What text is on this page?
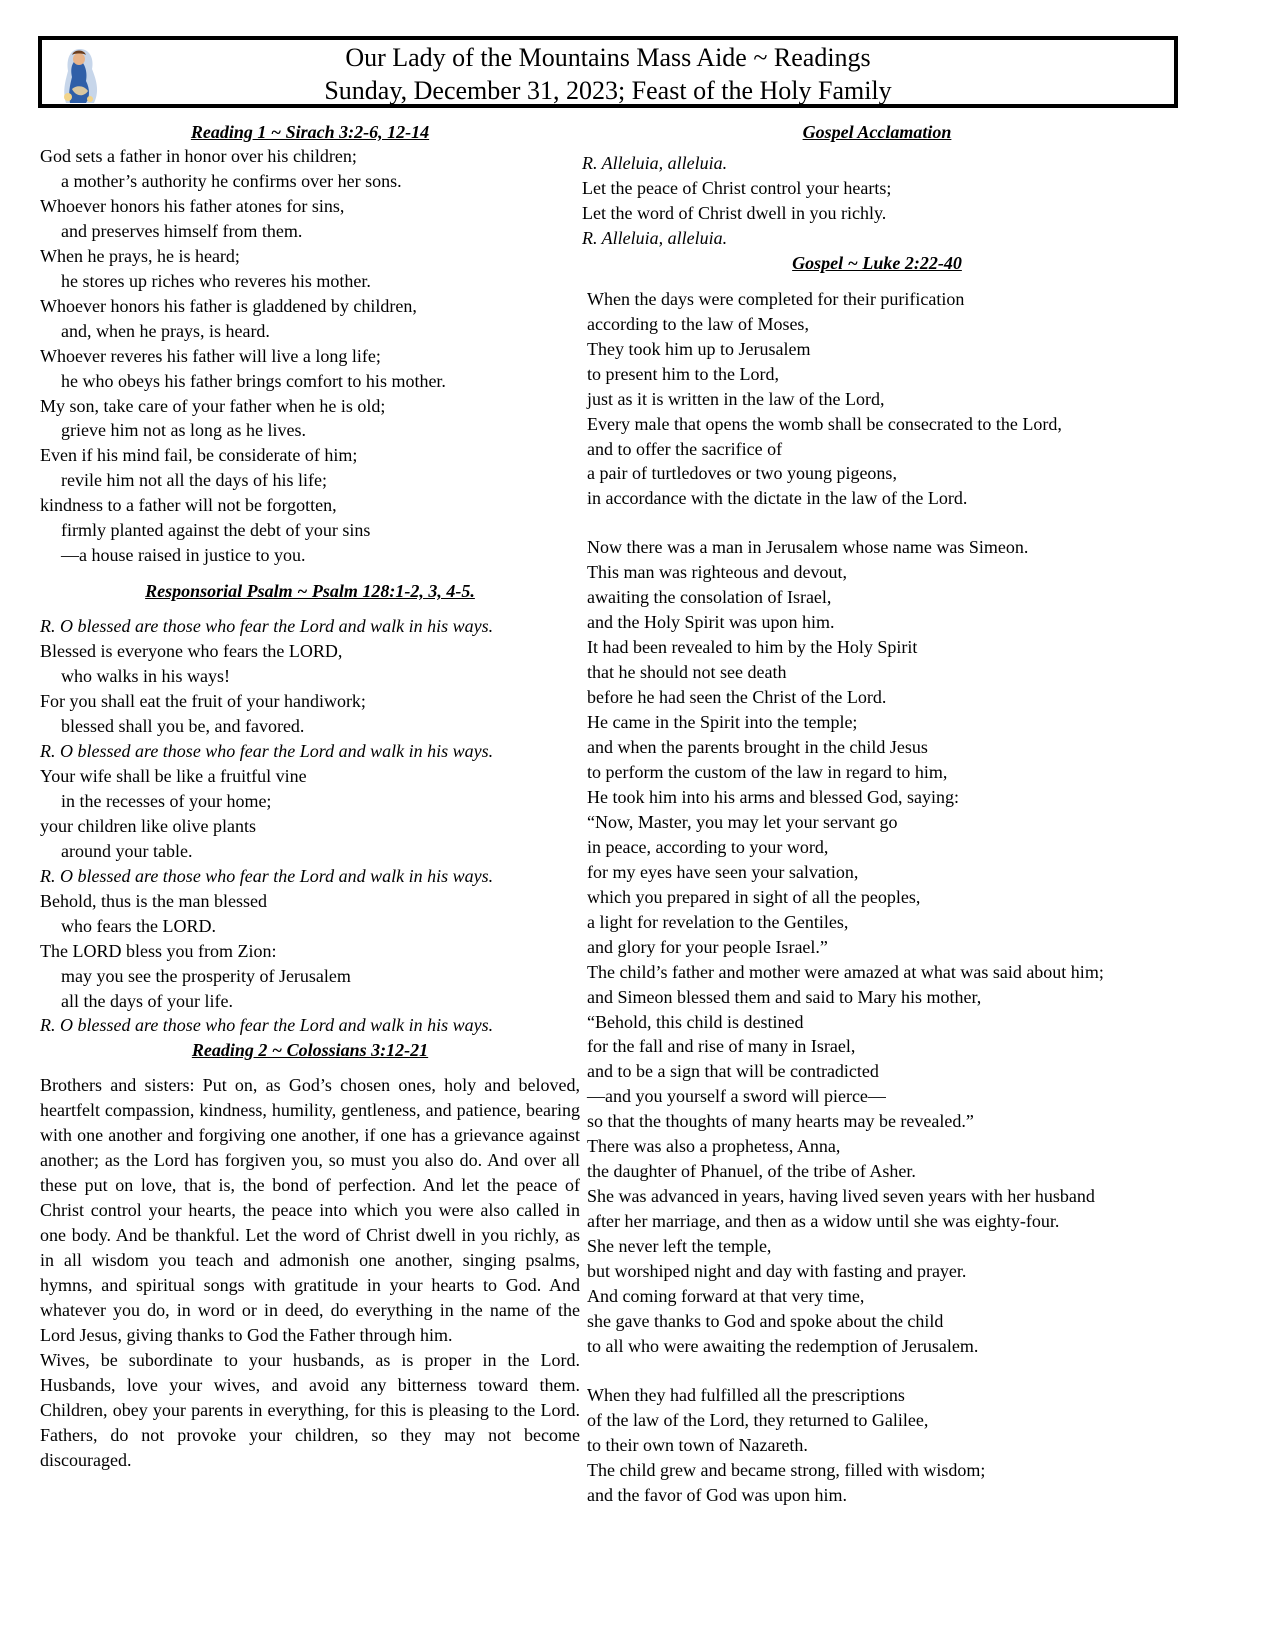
Our Lady of the Mountains Mass Aide ~ Readings
Sunday, December 31, 2023; Feast of the Holy Family
Reading 1 ~ Sirach 3:2-6, 12-14
God sets a father in honor over his children;
a mother’s authority he confirms over her sons.
Whoever honors his father atones for sins,
and preserves himself from them.
When he prays, he is heard;
he stores up riches who reveres his mother.
Whoever honors his father is gladdened by children,
and, when he prays, is heard.
Whoever reveres his father will live a long life;
he who obeys his father brings comfort to his mother.
My son, take care of your father when he is old;
grieve him not as long as he lives.
Even if his mind fail, be considerate of him;
revile him not all the days of his life;
kindness to a father will not be forgotten,
firmly planted against the debt of your sins
—a house raised in justice to you.
Responsorial Psalm ~ Psalm 128:1-2, 3, 4-5.
R. O blessed are those who fear the Lord and walk in his ways.
Blessed is everyone who fears the LORD,
who walks in his ways!
For you shall eat the fruit of your handiwork;
blessed shall you be, and favored.
R. O blessed are those who fear the Lord and walk in his ways.
Your wife shall be like a fruitful vine
in the recesses of your home;
your children like olive plants
around your table.
R. O blessed are those who fear the Lord and walk in his ways.
Behold, thus is the man blessed
who fears the LORD.
The LORD bless you from Zion:
may you see the prosperity of Jerusalem
all the days of your life.
R. O blessed are those who fear the Lord and walk in his ways.
Reading 2 ~ Colossians 3:12-21
Brothers and sisters: Put on, as God’s chosen ones, holy and beloved, heartfelt compassion, kindness, humility, gentleness, and patience, bearing with one another and forgiving one another, if one has a grievance against another; as the Lord has forgiven you, so must you also do. And over all these put on love, that is, the bond of perfection. And let the peace of Christ control your hearts, the peace into which you were also called in one body. And be thankful. Let the word of Christ dwell in you richly, as in all wisdom you teach and admonish one another, singing psalms, hymns, and spiritual songs with gratitude in your hearts to God. And whatever you do, in word or in deed, do everything in the name of the Lord Jesus, giving thanks to God the Father through him.
Wives, be subordinate to your husbands, as is proper in the Lord. Husbands, love your wives, and avoid any bitterness toward them. Children, obey your parents in everything, for this is pleasing to the Lord. Fathers, do not provoke your children, so they may not become discouraged.
Gospel Acclamation
R. Alleluia, alleluia.
Let the peace of Christ control your hearts;
Let the word of Christ dwell in you richly.
R. Alleluia, alleluia.
Gospel ~ Luke 2:22-40
When the days were completed for their purification
according to the law of Moses,
They took him up to Jerusalem
to present him to the Lord,
just as it is written in the law of the Lord,
Every male that opens the womb shall be consecrated to the Lord,
and to offer the sacrifice of
a pair of turtledoves or two young pigeons,
in accordance with the dictate in the law of the Lord.
Now there was a man in Jerusalem whose name was Simeon.
This man was righteous and devout,
awaiting the consolation of Israel,
and the Holy Spirit was upon him.
It had been revealed to him by the Holy Spirit
that he should not see death
before he had seen the Christ of the Lord.
He came in the Spirit into the temple;
and when the parents brought in the child Jesus
to perform the custom of the law in regard to him,
He took him into his arms and blessed God, saying:
“Now, Master, you may let your servant go
in peace, according to your word,
for my eyes have seen your salvation,
which you prepared in sight of all the peoples,
a light for revelation to the Gentiles,
and glory for your people Israel.”
The child’s father and mother were amazed at what was said about him;
and Simeon blessed them and said to Mary his mother,
“Behold, this child is destined
for the fall and rise of many in Israel,
and to be a sign that will be contradicted
—and you yourself a sword will pierce—
so that the thoughts of many hearts may be revealed.”
There was also a prophetess, Anna,
the daughter of Phanuel, of the tribe of Asher.
She was advanced in years, having lived seven years with her husband
after her marriage, and then as a widow until she was eighty-four.
She never left the temple,
but worshiped night and day with fasting and prayer.
And coming forward at that very time,
she gave thanks to God and spoke about the child
to all who were awaiting the redemption of Jerusalem.
When they had fulfilled all the prescriptions
of the law of the Lord, they returned to Galilee,
to their own town of Nazareth.
The child grew and became strong, filled with wisdom;
and the favor of God was upon him.
